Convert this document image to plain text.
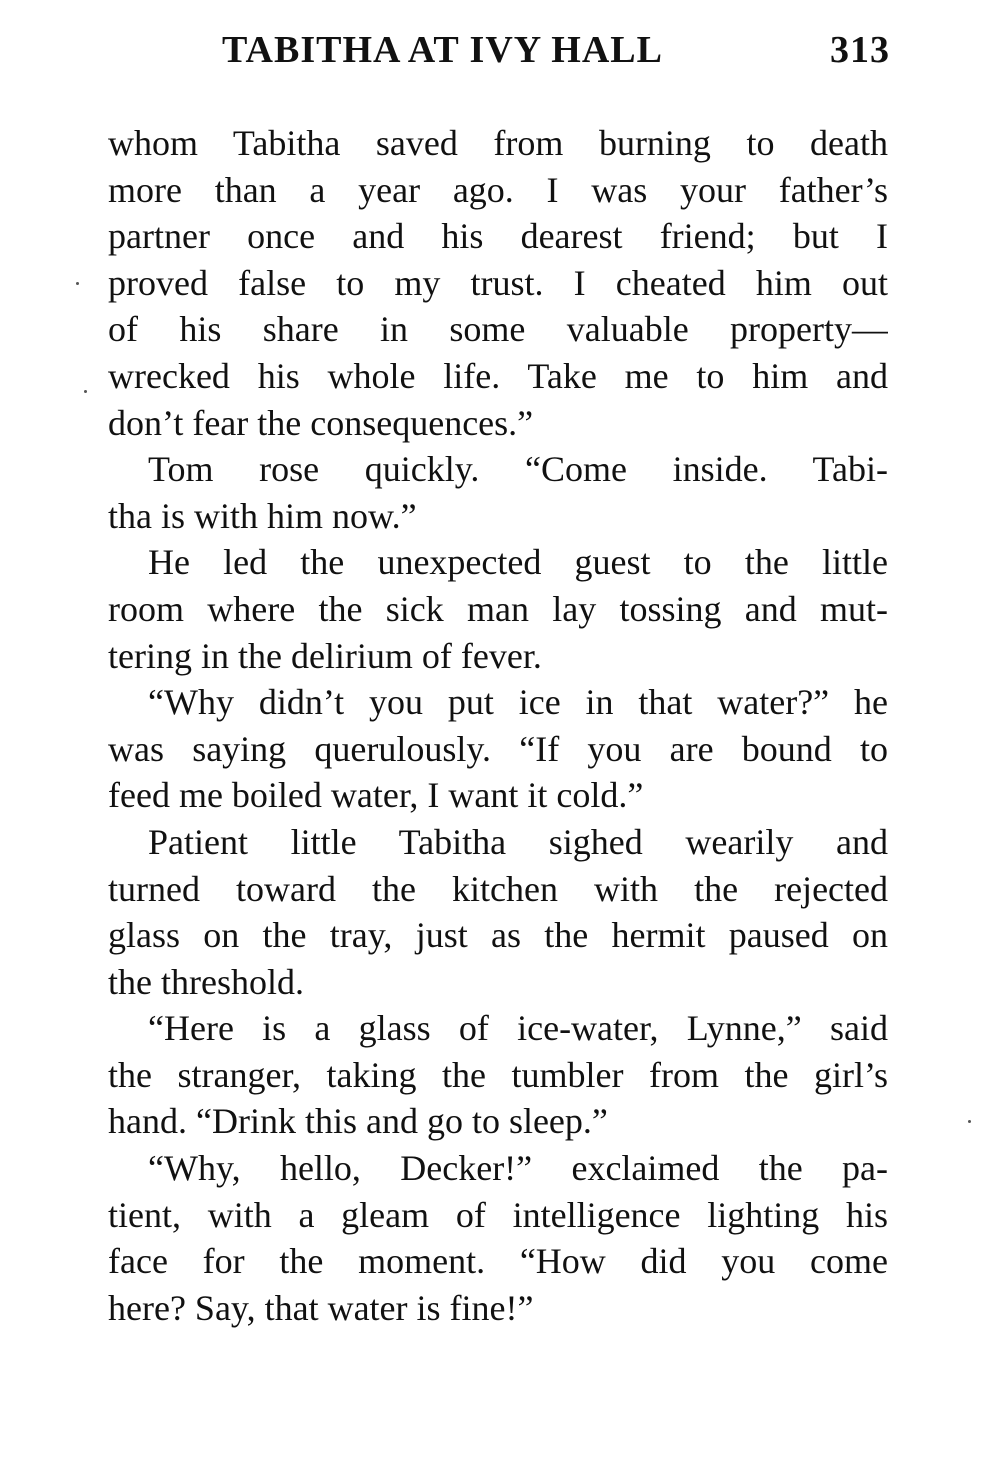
TABITHA AT IVY HALL	313
whom Tabitha saved from burning to death
more than a year ago. I was your father’s
partner once and his dearest friend; but I
proved false to my trust. I cheated him out
of his share in some valuable property—
wrecked his whole life. Take me to him and
don’t fear the consequences.”
Tom rose quickly. “Come inside. Tabi-
tha is with him now.”
He led the unexpected guest to the little
room where the sick man lay tossing and mut-
tering in the delirium of fever.
“Why didn’t you put ice in that water?” he
was saying querulously. “If you are bound to
feed me boiled water, I want it cold.”
Patient little Tabitha sighed wearily and
turned toward the kitchen with the rejected
glass on the tray, just as the hermit paused on
the threshold.
“Here is a glass of ice-water, Lynne,” said
the stranger, taking the tumbler from the girl’s
hand. “Drink this and go to sleep.”
“Why, hello, Decker!” exclaimed the pa-
tient, with a gleam of intelligence lighting his
face for the moment. “How did you come
here? Say, that water is fine!”
